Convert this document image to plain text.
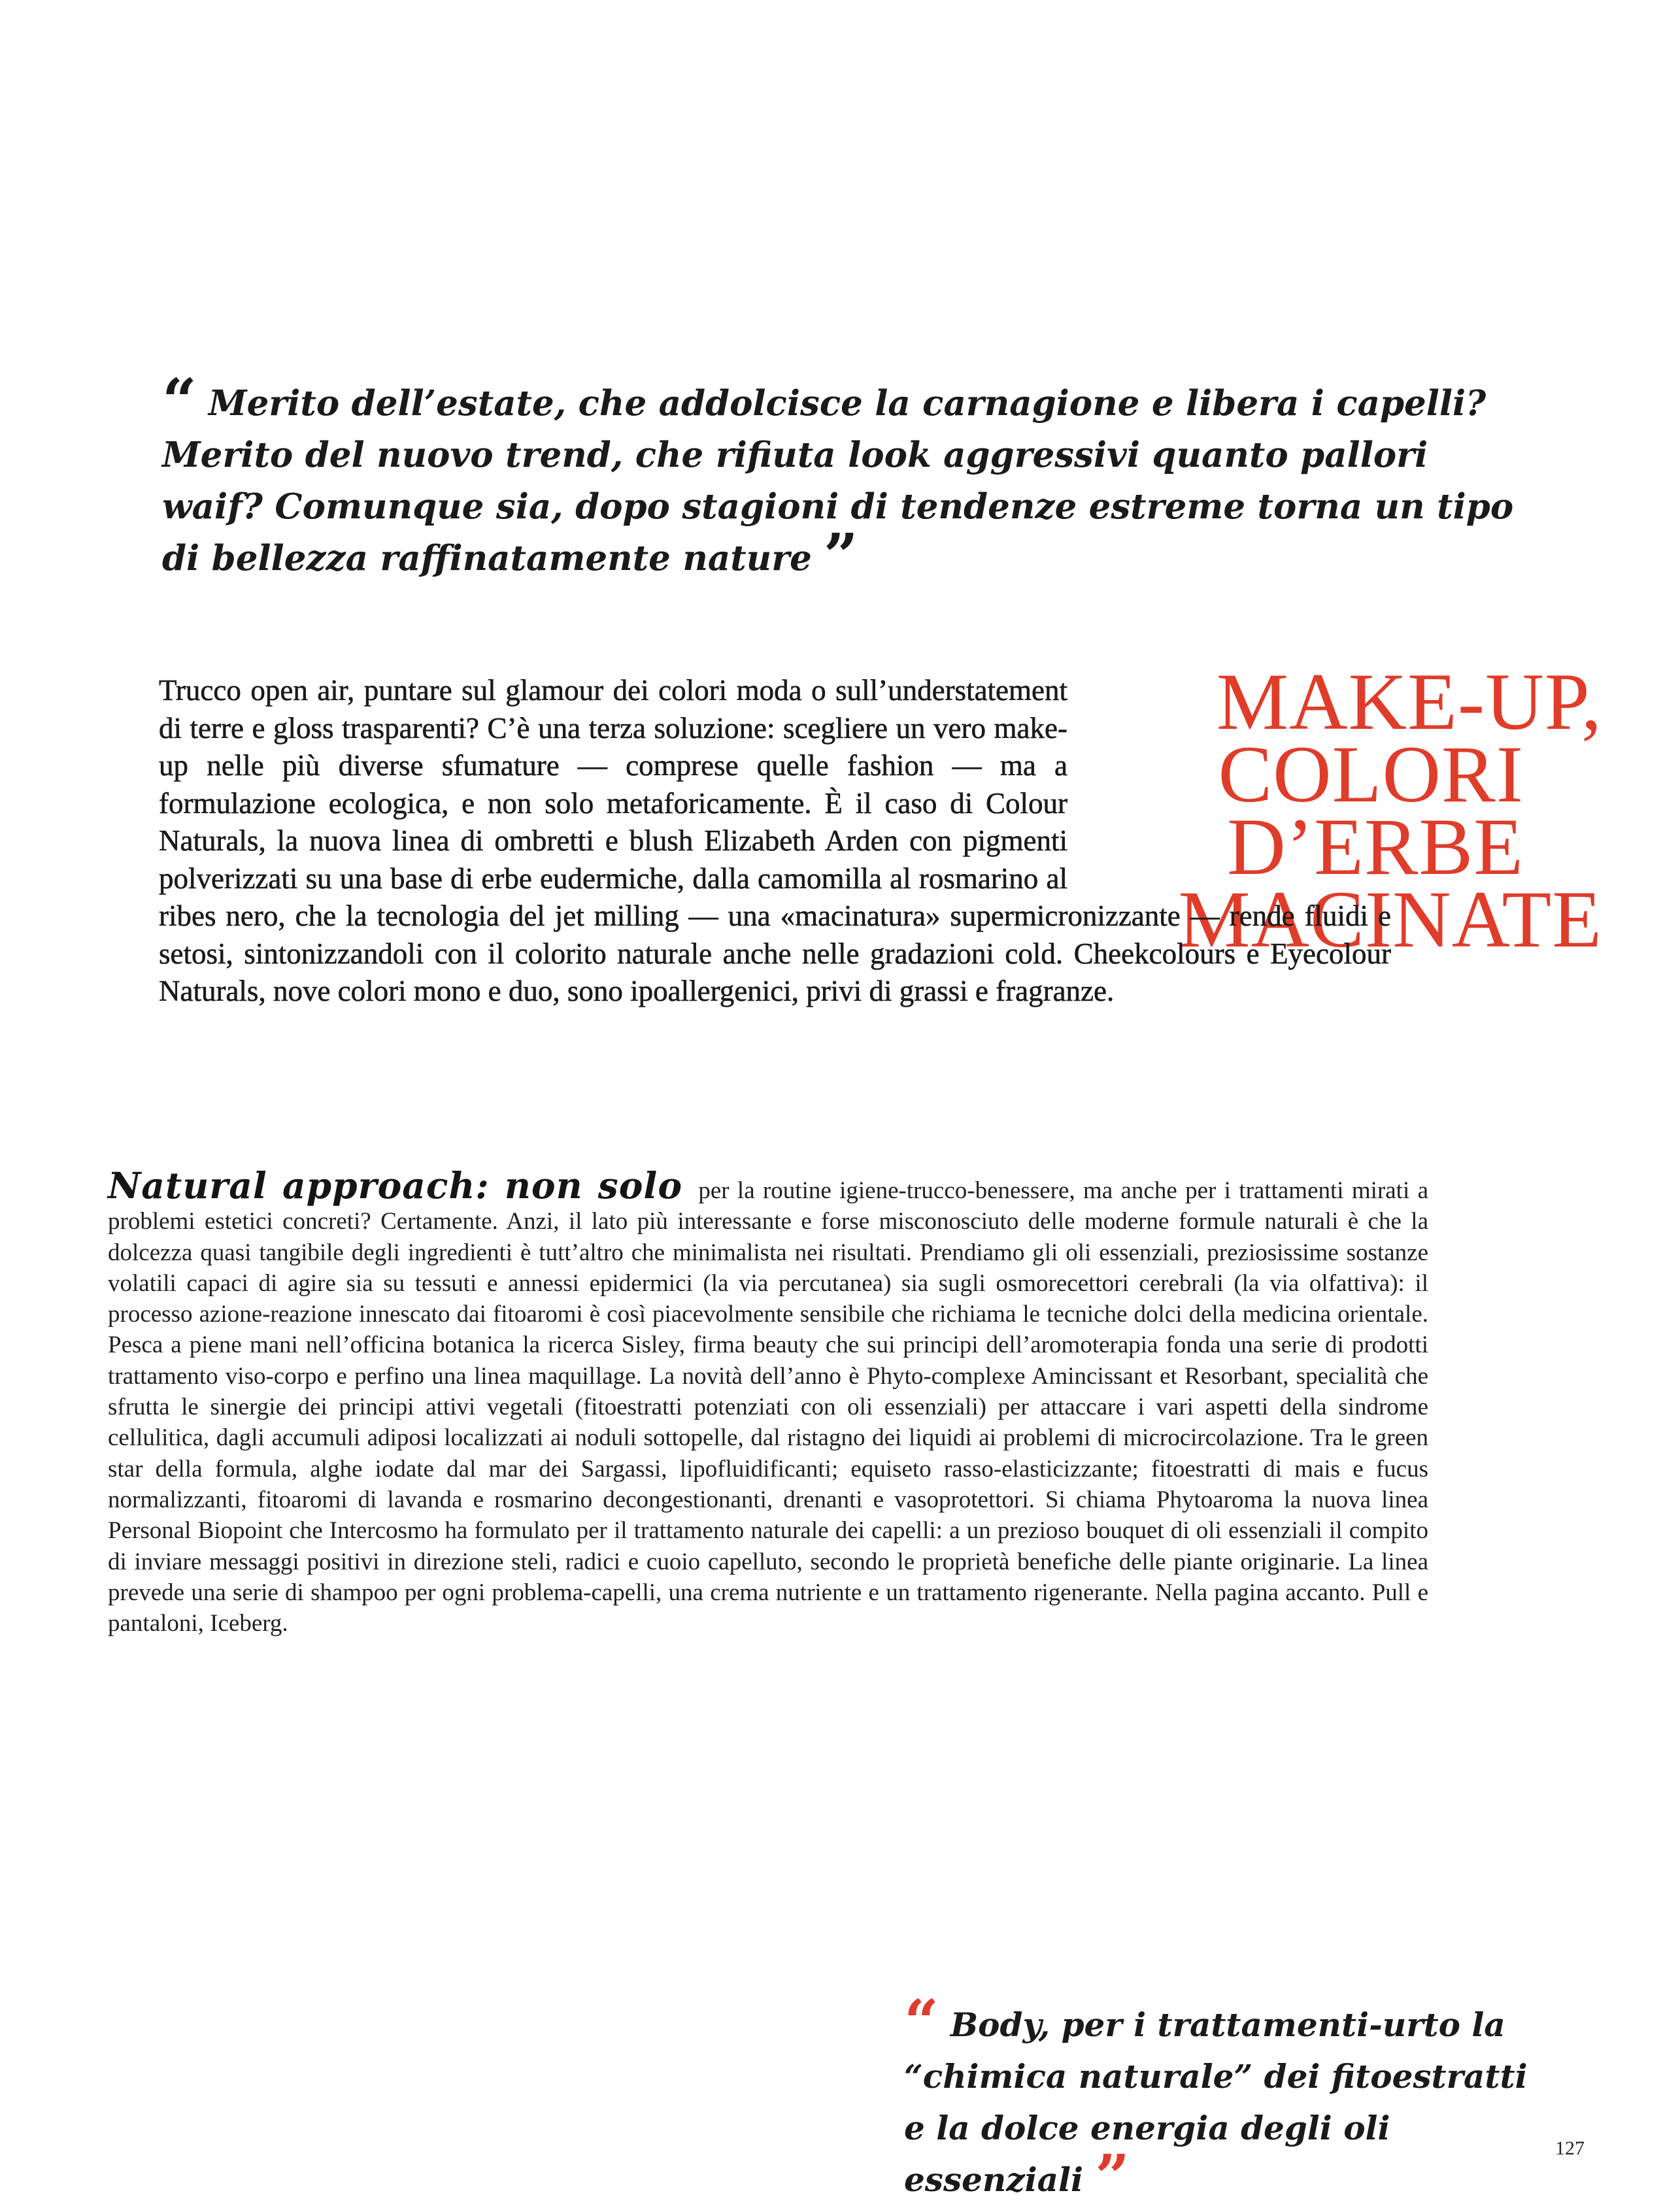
“ Merito dell’estate, che addolcisce la carnagione e libera i capelli? Merito del nuovo trend, che rifiuta look aggressivi quanto pallori waif? Comunque sia, dopo stagioni di tendenze estreme torna un tipo di bellezza raffinatamente nature ”

MAKE-UP,
COLORI D’ERBE
MACINATE

Trucco open air, puntare sul glamour dei colori moda o sull’understatement di terre e gloss trasparenti? C’è una terza soluzione: scegliere un vero make-up nelle più diverse sfumature — comprese quelle fashion — ma a formulazione ecologica, e non solo metaforicamente. È il caso di Colour Naturals, la nuova linea di ombretti e blush Elizabeth Arden con pigmenti polverizzati su una base di erbe eudermiche, dalla camomilla al rosmarino al ribes nero, che la tecnologia del jet milling — una «macinatura» supermicronizzante — rende fluidi e setosi, sintonizzandoli con il colorito naturale anche nelle gradazioni cold. Cheekcolours e Eyecolour Naturals, nove colori mono e duo, sono ipoallergenici, privi di grassi e fragranze.

Natural approach: non solo per la routine igiene-trucco-benessere, ma anche per i trattamenti mirati a problemi estetici concreti? Certamente. Anzi, il lato più interessante e forse misconosciuto delle moderne formule naturali è che la dolcezza quasi tangibile degli ingredienti è tutt’altro che minimalista nei risultati. Prendiamo gli oli essenziali, preziosissime sostanze volatili capaci di agire sia su tessuti e annessi epidermici (la via percutanea) sia sugli osmorecettori cerebrali (la via olfattiva): il processo azione-reazione innescato dai fitoaromi è così piacevolmente sensibile che richiama le tecniche dolci della medicina orientale. Pesca a piene mani nell’officina botanica la ricerca Sisley, firma beauty che sui principi dell’aromoterapia fonda una serie di prodotti trattamento viso-corpo e perfino una linea maquillage. La novità dell’anno è Phyto-complexe Amincissant et Resorbant, specialità che sfrutta le sinergie dei principi attivi vegetali (fitoestratti potenziati con oli essenziali) per attaccare i vari aspetti della sindrome cellulitica, dagli accumuli adiposi localizzati ai noduli sottopelle, dal ristagno dei liquidi ai problemi di microcircolazione. Tra le green star della formula, alghe iodate dal mar dei Sargassi, lipofluidificanti; equiseto rasso-elasticizzante; fitoestratti di mais e fucus normalizzanti, fitoaromi di lavanda e rosmarino decongestionanti, drenanti e vasoprotettori. Si chiama Phytoaroma la nuova linea Personal Biopoint che Intercosmo ha formulato per il trattamento naturale dei capelli: a un prezioso bouquet di oli essenziali il compito di inviare messaggi positivi in direzione steli, radici e cuoio capelluto, secondo le proprietà benefiche delle piante originarie. La linea prevede una serie di shampoo per ogni problema-capelli, una crema nutriente e un trattamento rigenerante. Nella pagina accanto. Pull e pantaloni, Iceberg.

“ Body, per i trattamenti-urto la “chimica naturale” dei fitoestratti e la dolce energia degli oli essenziali ”	127
